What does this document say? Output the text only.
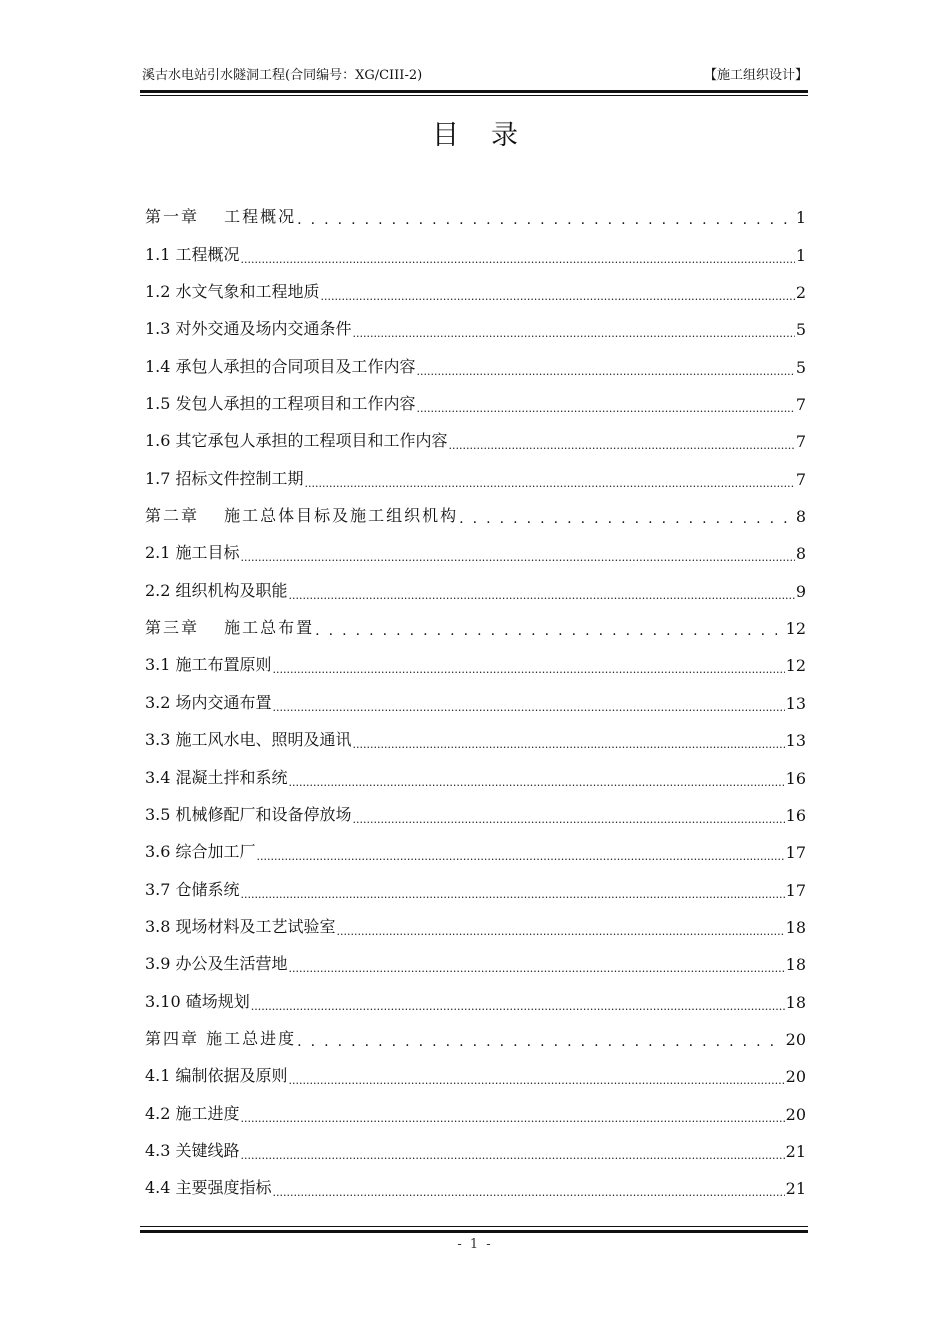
溪古水电站引水隧洞工程(合同编号：XG/CIII-2)	【施工组织设计】
目录
第一章　 工程概况 . . .	1
1.1 工程概况 .....	1
1.2 水文气象和工程地质 .....	2
1.3 对外交通及场内交通条件 .....	5
1.4 承包人承担的合同项目及工作内容 .....	5
1.5 发包人承担的工程项目和工作内容 .....	7
1.6 其它承包人承担的工程项目和工作内容 .....	7
1.7 招标文件控制工期 .....	7
第二章　 施工总体目标及施工组织机构 . . .	8
2.1 施工目标 .....	8
2.2 组织机构及职能 .....	9
第三章　 施工总布置 . . .	12
3.1 施工布置原则 .....	12
3.2 场内交通布置 .....	13
3.3 施工风水电、照明及通讯 .....	13
3.4 混凝土拌和系统 .....	16
3.5 机械修配厂和设备停放场 .....	16
3.6 综合加工厂 .....	17
3.7 仓储系统 .....	17
3.8 现场材料及工艺试验室 .....	18
3.9 办公及生活营地 .....	18
3.10 碴场规划 .....	18
第四章 施工总进度 . . .	20
4.1 编制依据及原则 .....	20
4.2 施工进度 .....	20
4.3 关键线路 .....	21
4.4 主要强度指标 .....	21
- 1 -
